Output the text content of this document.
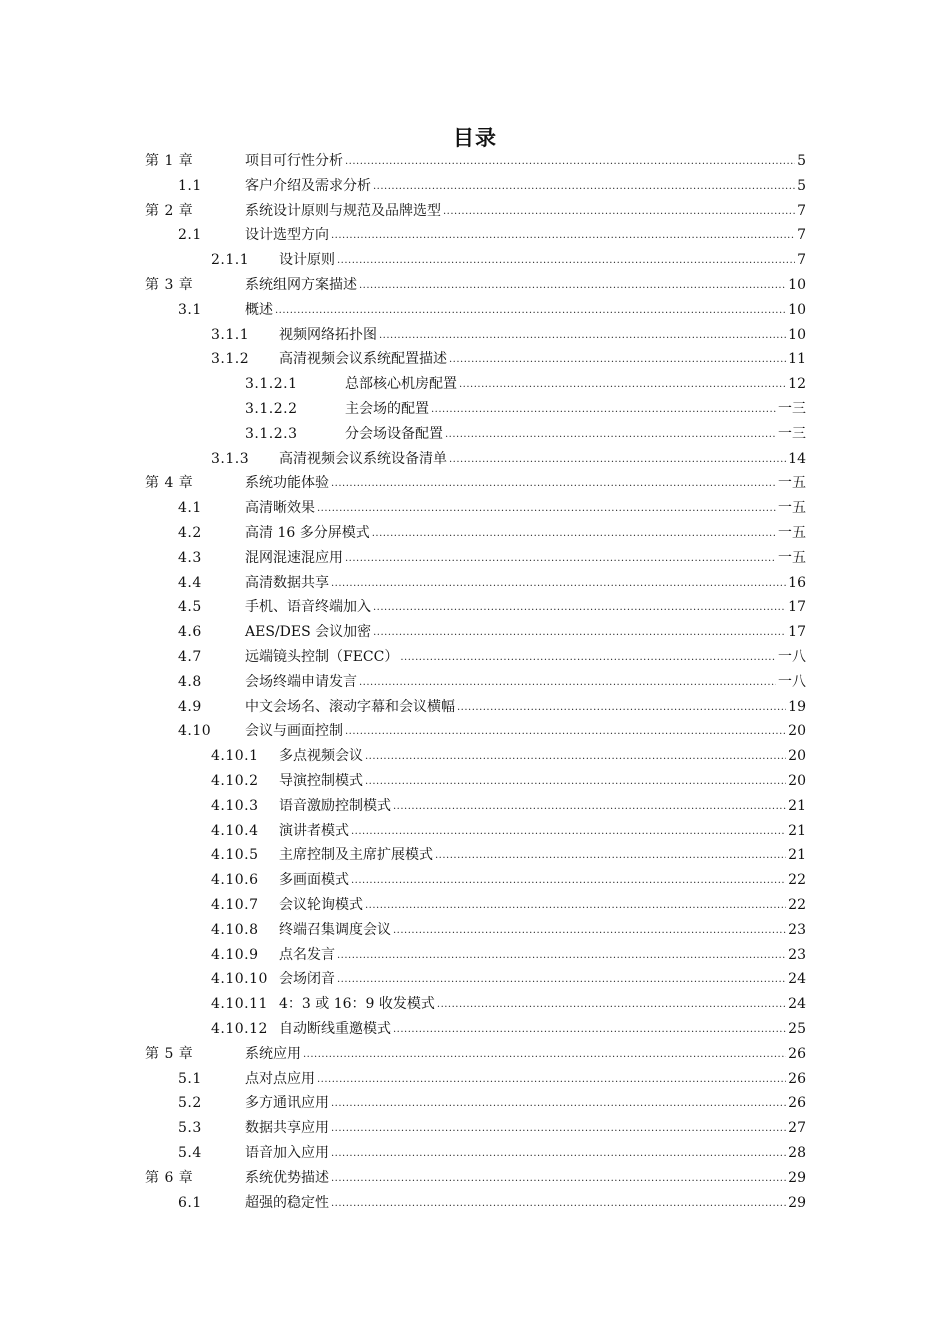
目录
第 1 章	项目可行性分析 .....	5
1.1	客户介绍及需求分析 .....	5
第 2 章	系统设计原则与规范及品牌选型 .....	7
2.1	设计选型方向 .....	7
2.1.1	设计原则 .....	7
第 3 章	系统组网方案描述 .....	10
3.1	概述 .....	10
3.1.1	视频网络拓扑图 .....	10
3.1.2	高清视频会议系统配置描述 .....	11
3.1.2.1	总部核心机房配置 .....	12
3.1.2.2	主会场的配置 .....	一三
3.1.2.3	分会场设备配置 .....	一三
3.1.3	高清视频会议系统设备清单 .....	14
第 4 章	系统功能体验 .....	一五
4.1	高清晰效果 .....	一五
4.2	高清 16 多分屏模式 .....	一五
4.3	混网混速混应用 .....	一五
4.4	高清数据共享 .....	16
4.5	手机、语音终端加入 .....	17
4.6	AES/DES 会议加密 .....	17
4.7	远端镜头控制（FECC） .....	一八
4.8	会场终端申请发言 .....	一八
4.9	中文会场名、滚动字幕和会议横幅 .....	19
4.10	会议与画面控制 .....	20
4.10.1	多点视频会议 .....	20
4.10.2	导演控制模式 .....	20
4.10.3	语音激励控制模式 .....	21
4.10.4	演讲者模式 .....	21
4.10.5	主席控制及主席扩展模式 .....	21
4.10.6	多画面模式 .....	22
4.10.7	会议轮询模式 .....	22
4.10.8	终端召集调度会议 .....	23
4.10.9	点名发言 .....	23
4.10.10 会场闭音 .....	24
4.10.11 4：3 或 16：9 收发模式 .....	24
4.10.12 自动断线重邀模式 .....	25
第 5 章	系统应用 .....	26
5.1	点对点应用 .....	26
5.2	多方通讯应用 .....	26
5.3	数据共享应用 .....	27
5.4	语音加入应用 .....	28
第 6 章	系统优势描述 .....	29
6.1	超强的稳定性 .....	29
